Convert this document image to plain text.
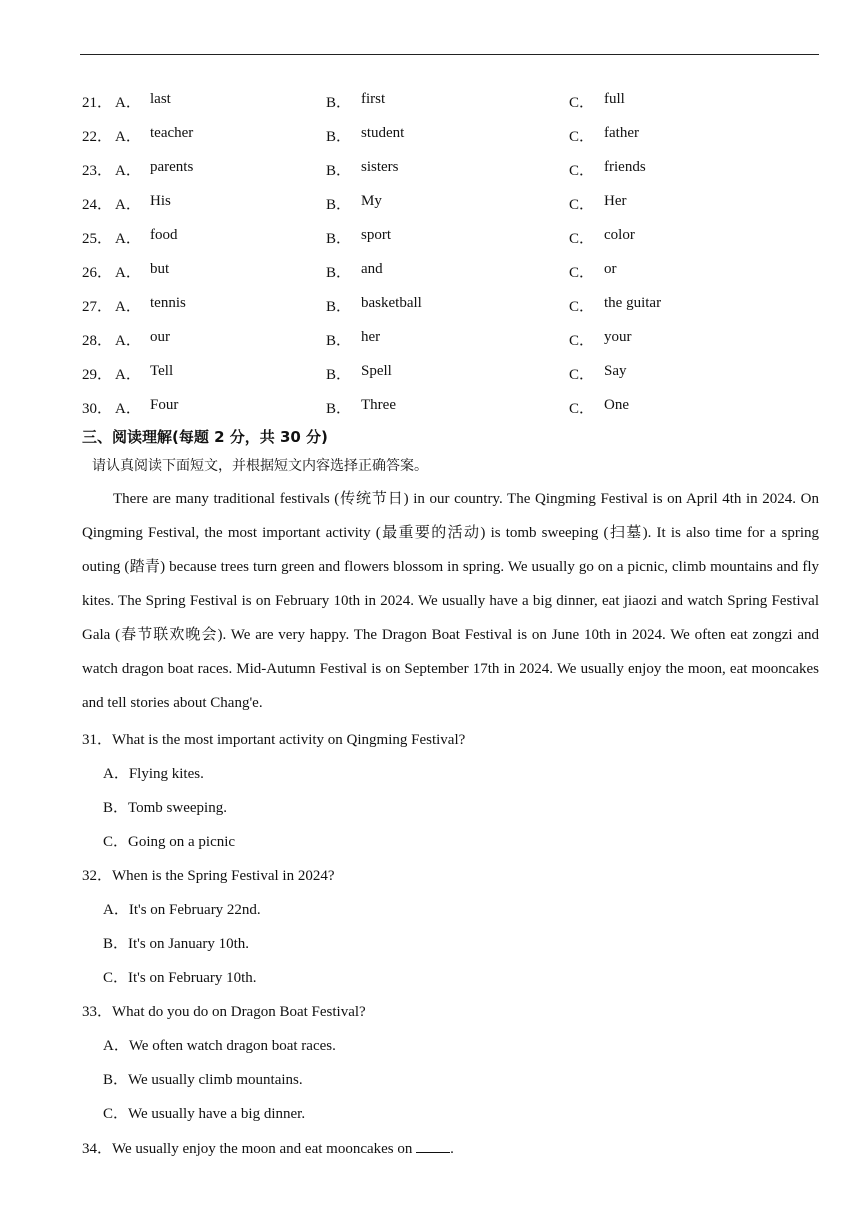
21． A． last	B． first	C． full
22． A． teacher	B． student	C． father
23． A． parents	B． sisters	C． friends
24． A． His	B． My	C． Her
25． A． food	B． sport	C． color
26． A． but	B． and	C． or
27． A． tennis	B． basketball	C． the guitar
28． A． our	B． her	C． your
29． A． Tell	B． Spell	C． Say
30． A． Four	B． Three	C． One
三、阅读理解(每题 2 分，共 30 分)
请认真阅读下面短文，并根据短文内容选择正确答案。

There are many traditional festivals (传统节日) in our country. The Qingming Festival is on April 4th in 2024. On Qingming Festival, the most important activity (最重要的活动) is tomb sweeping (扫墓). It is also time for a spring outing (踏青) because trees turn green and flowers blossom in spring. We usually go on a picnic, climb mountains and fly kites. The Spring Festival is on February 10th in 2024. We usually have a big dinner, eat jiaozi and watch Spring Festival Gala (春节联欢晚会). We are very happy. The Dragon Boat Festival is on June 10th in 2024. We often eat zongzi and watch dragon boat races. Mid-Autumn Festival is on September 17th in 2024. We usually enjoy the moon, eat mooncakes and tell stories about Chang'e.

31．What is the most important activity on Qingming Festival?
A．Flying kites.
B．Tomb sweeping.
C．Going on a picnic
32．When is the Spring Festival in 2024?
A．It's on February 22nd.
B．It's on January 10th.
C．It's on February 10th.
33．What do you do on Dragon Boat Festival?
A．We often watch dragon boat races.
B．We usually climb mountains.
C．We usually have a big dinner.
34．We usually enjoy the moon and eat mooncakes on	.
